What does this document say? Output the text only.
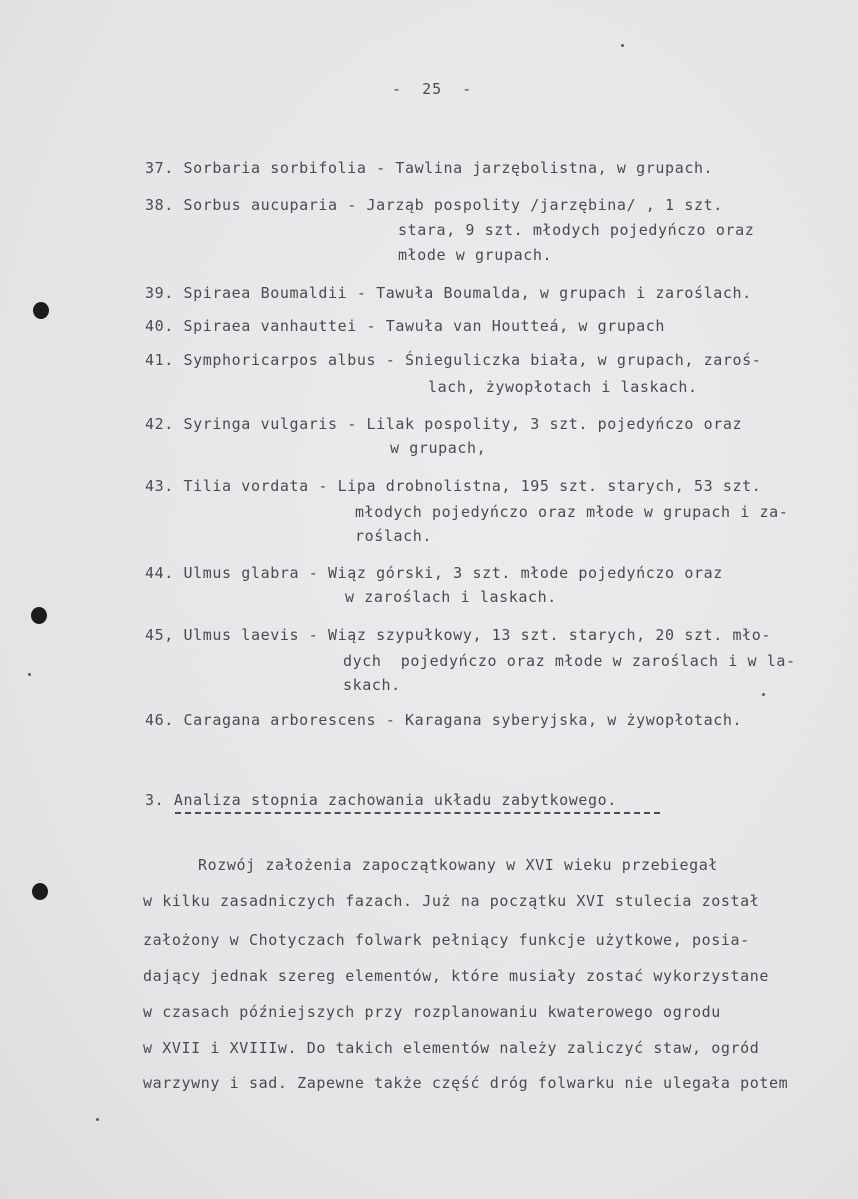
-  25  -
37. Sorbaria sorbifolia - Tawlina jarzębolistna, w grupach.
38. Sorbus aucuparia - Jarząb pospolity /jarzębina/ , 1 szt.
stara, 9 szt. młodych pojedyńczo oraz
młode w grupach.
39. Spiraea Boumaldii - Tawuła Boumalda, w grupach i zaroślach.
40. Spiraea vanhauttei - Tawuła van Houtteá, w grupach
41. Symphoricarpos albus - Śnieguliczka biała, w grupach, zaroś-
lach, żywopłotach i laskach.
42. Syringa vulgaris - Lilak pospolity, 3 szt. pojedyńczo oraz
w grupach,
43. Tilia vordata - Lipa drobnolistna, 195 szt. starych, 53 szt.
młodych pojedyńczo oraz młode w grupach i za-
roślach.
44. Ulmus glabra - Wiąz górski, 3 szt. młode pojedyńczo oraz
w zaroślach i laskach.
45, Ulmus laevis - Wiąz szypułkowy, 13 szt. starych, 20 szt. mło-
dych  pojedyńczo oraz młode w zaroślach i w la-
skach.
46. Caragana arborescens - Karagana syberyjska, w żywopłotach.
3. Analiza stopnia zachowania układu zabytkowego.
Rozwój założenia zapoczątkowany w XVI wieku przebiegał
w kilku zasadniczych fazach. Już na początku XVI stulecia został
założony w Chotyczach folwark pełniący funkcje użytkowe, posia-
dający jednak szereg elementów, które musiały zostać wykorzystane
w czasach późniejszych przy rozplanowaniu kwaterowego ogrodu
w XVII i XVIIIw. Do takich elementów należy zaliczyć staw, ogród
warzywny i sad. Zapewne także część dróg folwarku nie ulegała potem
